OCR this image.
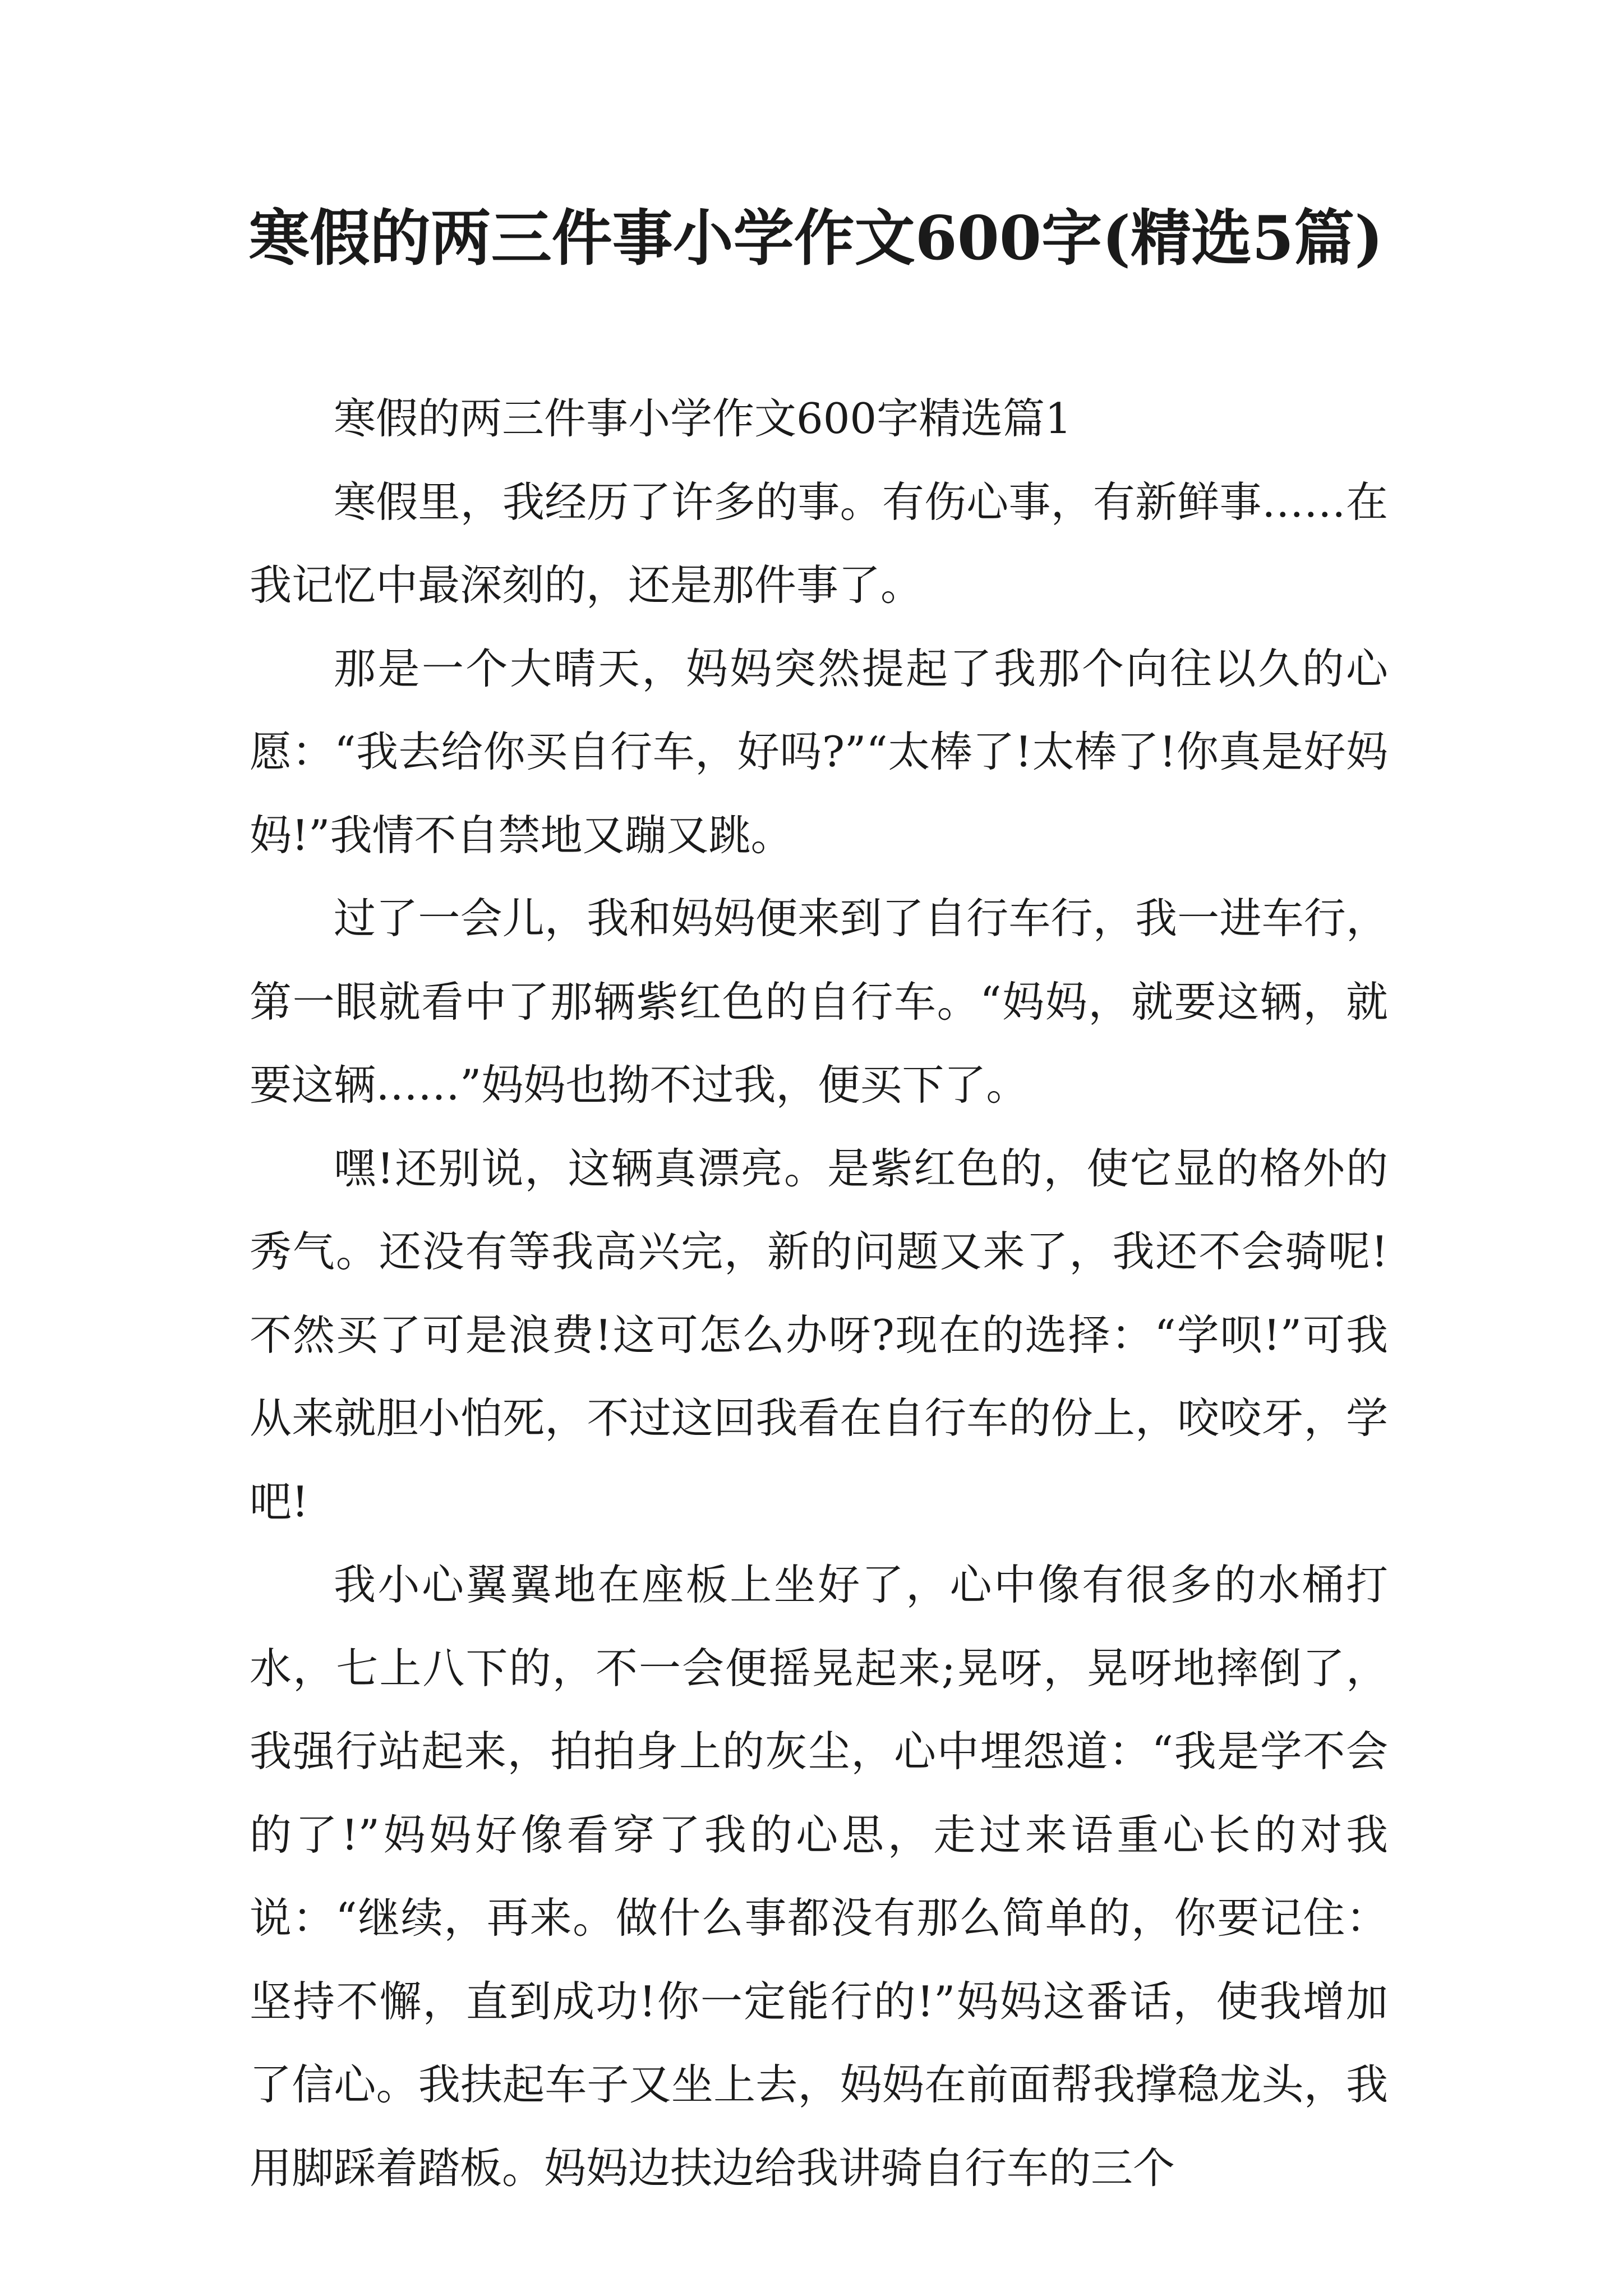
寒假的两三件事小学作文600字(精选5篇)

寒假的两三件事小学作文600字精选篇1

寒假里，我经历了许多的事。有伤心事，有新鲜事……在我记忆中最深刻的，还是那件事了。

那是一个大晴天，妈妈突然提起了我那个向往以久的心愿：“我去给你买自行车，好吗?”“太棒了!太棒了!你真是好妈妈!”我情不自禁地又蹦又跳。

过了一会儿，我和妈妈便来到了自行车行，我一进车行，第一眼就看中了那辆紫红色的自行车。“妈妈，就要这辆，就要这辆……”妈妈也拗不过我，便买下了。

嘿!还别说，这辆真漂亮。是紫红色的，使它显的格外的秀气。还没有等我高兴完，新的问题又来了，我还不会骑呢!不然买了可是浪费!这可怎么办呀?现在的选择：“学呗!”可我从来就胆小怕死，不过这回我看在自行车的份上，咬咬牙，学吧!

我小心翼翼地在座板上坐好了，心中像有很多的水桶打水，七上八下的，不一会便摇晃起来;晃呀，晃呀地摔倒了，我强行站起来，拍拍身上的灰尘，心中埋怨道：“我是学不会的了!”妈妈好像看穿了我的心思，走过来语重心长的对我说：“继续，再来。做什么事都没有那么简单的，你要记住：坚持不懈，直到成功!你一定能行的!”妈妈这番话，使我增加了信心。我扶起车子又坐上去，妈妈在前面帮我撑稳龙头，我用脚踩着踏板。妈妈边扶边给我讲骑自行车的三个
